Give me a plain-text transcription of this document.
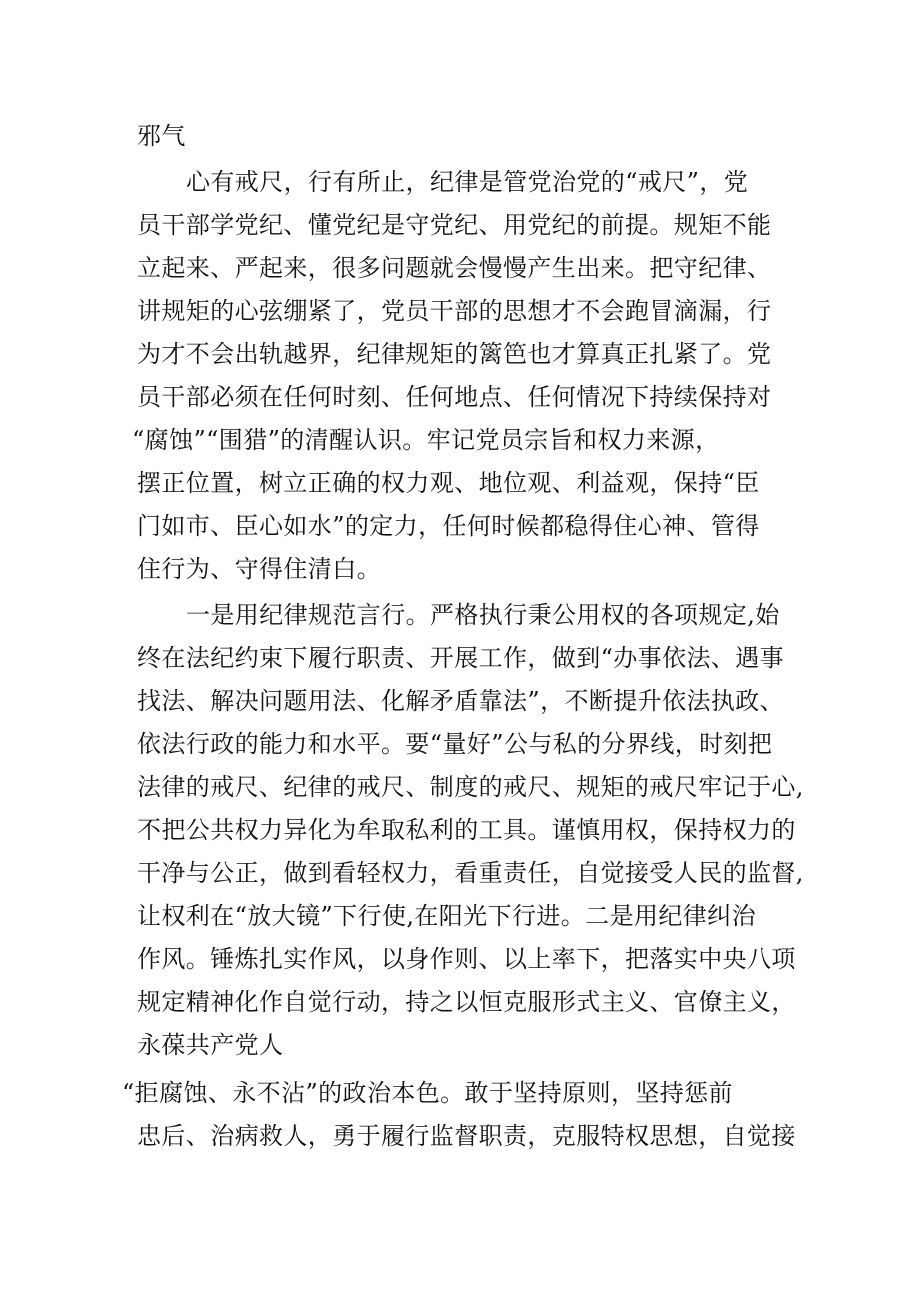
邪气
心有戒尺，行有所止，纪律是管党治党的“戒尺”，党
员干部学党纪、懂党纪是守党纪、用党纪的前提。规矩不能
立起来、严起来，很多问题就会慢慢产生出来。把守纪律、
讲规矩的心弦绷紧了，党员干部的思想才不会跑冒滴漏，行
为才不会出轨越界，纪律规矩的篱笆也才算真正扎紧了。党
员干部必须在任何时刻、任何地点、任何情况下持续保持对
“腐蚀”“围猎”的清醒认识。牢记党员宗旨和权力来源，
摆正位置，树立正确的权力观、地位观、利益观，保持“臣
门如市、臣心如水”的定力，任何时候都稳得住心神、管得
住行为、守得住清白。
一是用纪律规范言行。严格执行秉公用权的各项规定,始
终在法纪约束下履行职责、开展工作，做到“办事依法、遇事
找法、解决问题用法、化解矛盾靠法”，不断提升依法执政、
依法行政的能力和水平。要“量好”公与私的分界线，时刻把
法律的戒尺、纪律的戒尺、制度的戒尺、规矩的戒尺牢记于心,
不把公共权力异化为牟取私利的工具。谨慎用权，保持权力的
干净与公正，做到看轻权力，看重责任，自觉接受人民的监督,
让权利在“放大镜”下行使,在阳光下行进。二是用纪律纠治
作风。锤炼扎实作风，以身作则、以上率下，把落实中央八项
规定精神化作自觉行动，持之以恒克服形式主义、官僚主义，
永葆共产党人
“拒腐蚀、永不沾”的政治本色。敢于坚持原则，坚持惩前
忠后、治病救人，勇于履行监督职责，克服特权思想，自觉接
